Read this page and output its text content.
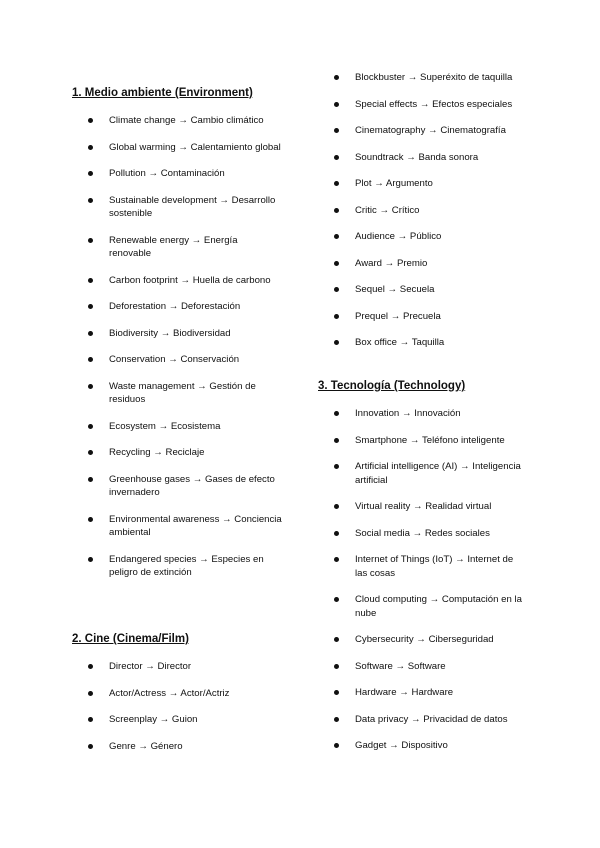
1. Medio ambiente (Environment)

Climate change → Cambio climático
Global warming → Calentamiento global
Pollution → Contaminación
Sustainable development → Desarrollo sostenible
Renewable energy → Energía renovable
Carbon footprint → Huella de carbono
Deforestation → Deforestación
Biodiversity → Biodiversidad
Conservation → Conservación
Waste management → Gestión de residuos
Ecosystem → Ecosistema
Recycling → Reciclaje
Greenhouse gases → Gases de efecto invernadero
Environmental awareness → Conciencia ambiental
Endangered species → Especies en peligro de extinción

2. Cine (Cinema/Film)

Director → Director
Actor/Actress → Actor/Actriz
Screenplay → Guion
Genre → Género
Blockbuster → Superéxito de taquilla
Special effects → Efectos especiales
Cinematography → Cinematografía
Soundtrack → Banda sonora
Plot → Argumento
Critic → Crítico
Audience → Público
Award → Premio
Sequel → Secuela
Prequel → Precuela
Box office → Taquilla

3. Tecnología (Technology)

Innovation → Innovación
Smartphone → Teléfono inteligente
Artificial intelligence (AI) → Inteligencia artificial
Virtual reality → Realidad virtual
Social media → Redes sociales
Internet of Things (IoT) → Internet de las cosas
Cloud computing → Computación en la nube
Cybersecurity → Ciberseguridad
Software → Software
Hardware → Hardware
Data privacy → Privacidad de datos
Gadget → Dispositivo
